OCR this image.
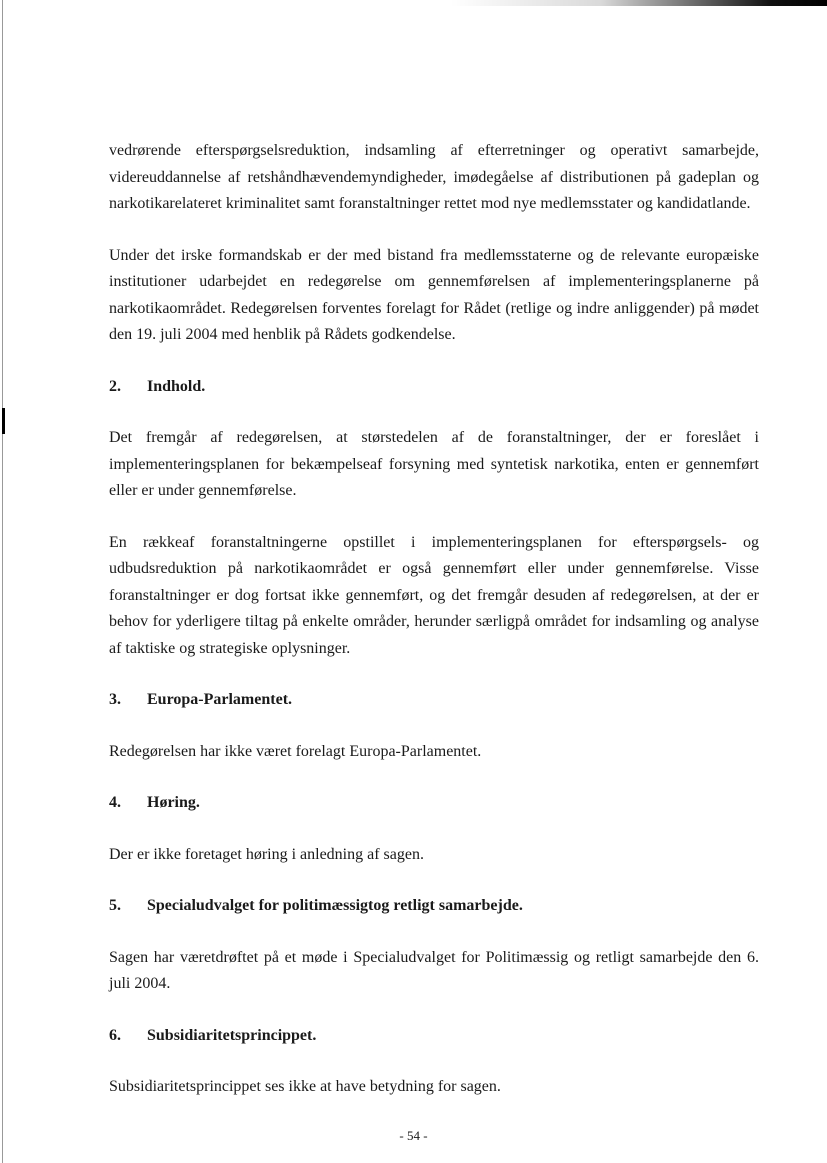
vedrørende efterspørgselsreduktion, indsamling af efterretninger og operativt samarbejde, videreuddannelse af retshåndhævendemyndigheder, imødegåelse af distributionen på gadeplan og narkotikarelateret kriminalitet samt foranstaltninger rettet mod nye medlemsstater og kandidatlande.

Under det irske formandskab er der med bistand fra medlemsstaterne og de relevante europæiske institutioner udarbejdet en redegørelse om gennemførelsen af implementeringsplanerne på narkotikaområdet. Redegørelsen forventes forelagt for Rådet (retlige og indre anliggender) på mødet den 19. juli 2004 med henblik på Rådets godkendelse.

2.	Indhold.

Det fremgår af redegørelsen, at størstedelen af de foranstaltninger, der er foreslået i implementeringsplanen for bekæmpelseaf forsyning med syntetisk narkotika, enten er gennemført eller er under gennemførelse.

En rækkeaf foranstaltningerne opstillet i implementeringsplanen for efterspørgsels- og udbudsreduktion på narkotikaområdet er også gennemført eller under gennemførelse. Visse foranstaltninger er dog fortsat ikke gennemført, og det fremgår desuden af redegørelsen, at der er behov for yderligere tiltag på enkelte områder, herunder særligpå området for indsamling og analyse af taktiske og strategiske oplysninger.

3.	Europa-Parlamentet.

Redegørelsen har ikke været forelagt Europa-Parlamentet.

4.	Høring.

Der er ikke foretaget høring i anledning af sagen.

5.	Specialudvalget for politimæssigtog retligt samarbejde.

Sagen har væretdrøftet på et møde i Specialudvalget for Politimæssig og retligt samarbejde den 6. juli 2004.

6.	Subsidiaritetsprincippet.

Subsidiaritetsprincippet ses ikke at have betydning for sagen.

- 54 -
